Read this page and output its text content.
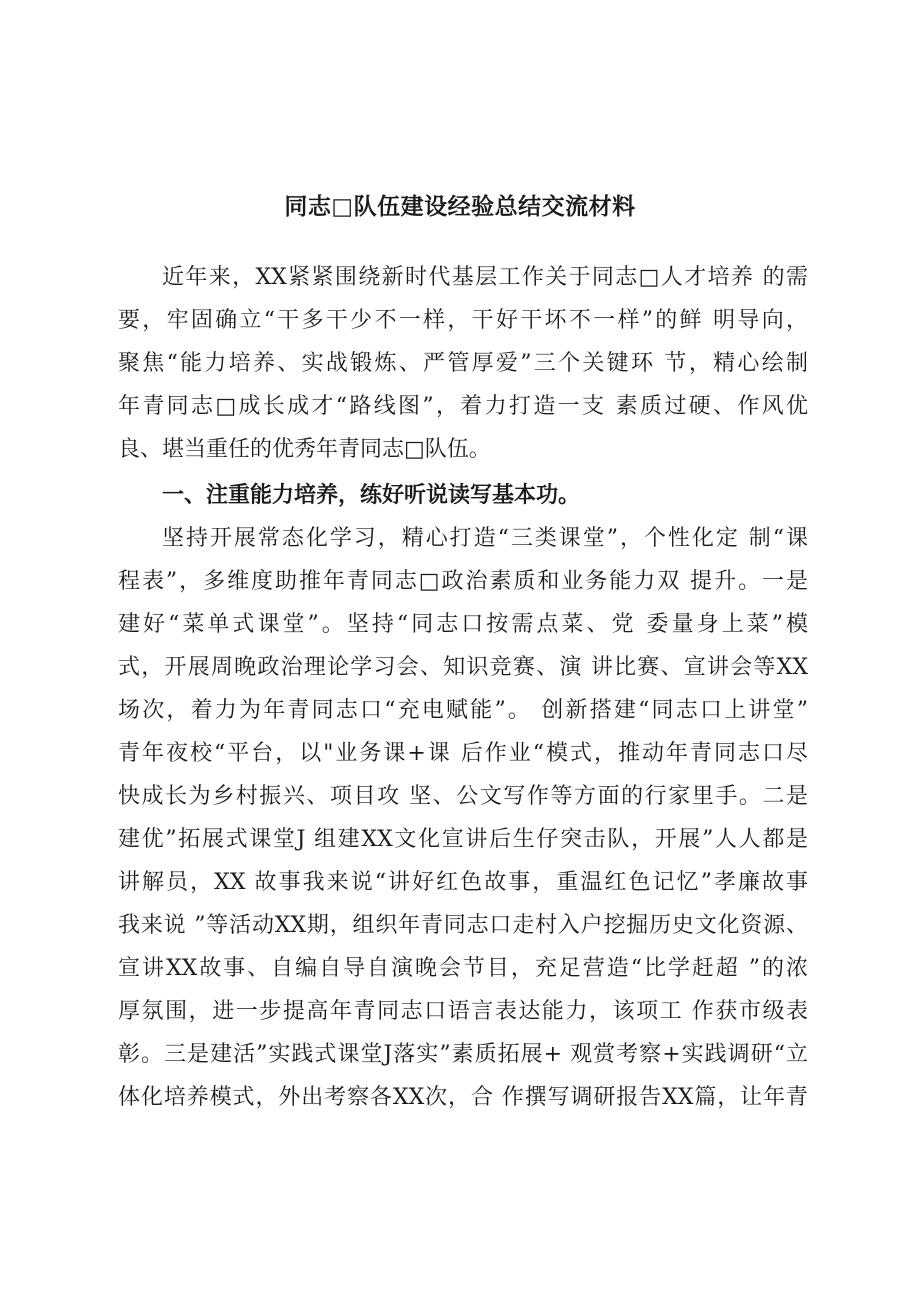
同志□队伍建设经验总结交流材料
近年来，XX紧紧围绕新时代基层工作关于同志□人才培养 的需
要，牢固确立“干多干少不一样，干好干坏不一样”的鲜 明导向，
聚焦“能力培养、实战锻炼、严管厚爱”三个关键环 节，精心绘制
年青同志□成长成才“路线图”，着力打造一支 素质过硬、作风优
良、堪当重任的优秀年青同志□队伍。
一、注重能力培养，练好听说读写基本功。
坚持开展常态化学习，精心打造“三类课堂”，个性化定 制“课
程表”，多维度助推年青同志□政治素质和业务能力双 提升。一是
建好“菜单式课堂”。坚持“同志口按需点菜、党 委量身上菜”模
式，开展周晚政治理论学习会、知识竞赛、演 讲比赛、宣讲会等XX
场次，着力为年青同志口“充电赋能”。 创新搭建“同志口上讲堂”
青年夜校“平台，以"业务课+课 后作业“模式，推动年青同志口尽
快成长为乡村振兴、项目攻 坚、公文写作等方面的行家里手。二是
建优”拓展式课堂J 组建XX文化宣讲后生仔突击队，开展”人人都是
讲解员，XX 故事我来说“讲好红色故事，重温红色记忆”孝廉故事
我来说 ”等活动XX期，组织年青同志口走村入户挖掘历史文化资源、
宣讲XX故事、自编自导自演晚会节目，充足营造“比学赶超 ”的浓
厚氛围，进一步提高年青同志口语言表达能力，该项工 作获市级表
彰。三是建活”实践式课堂J落实”素质拓展+ 观赏考察+实践调研“立
体化培养模式，外出考察各XX次，合 作撰写调研报告XX篇，让年青
